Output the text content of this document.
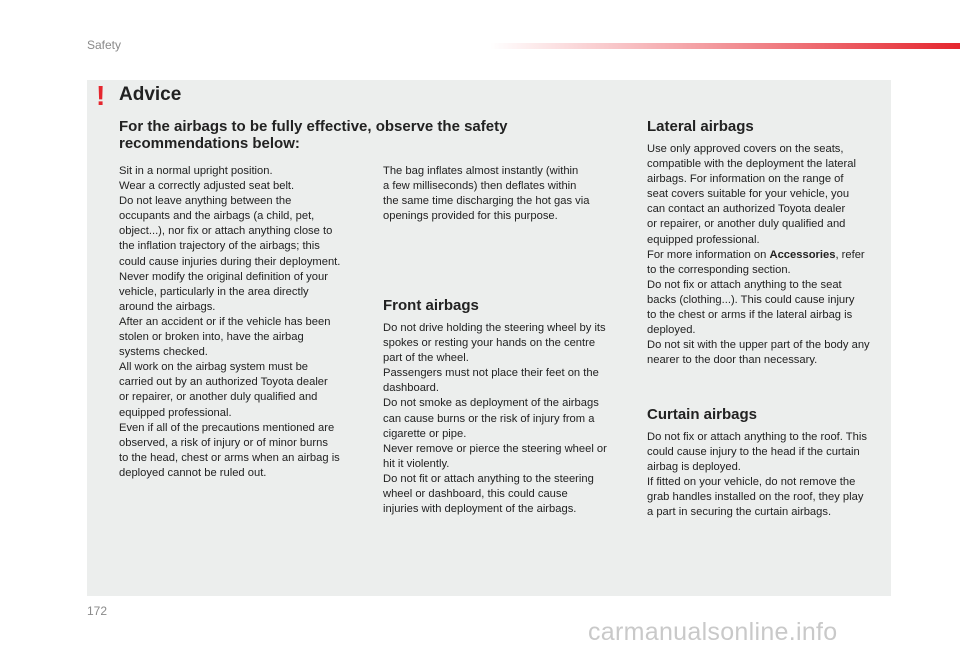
Safety
! Advice
For the airbags to be fully effective, observe the safety recommendations below:
Sit in a normal upright position.
Wear a correctly adjusted seat belt.
Do not leave anything between the
occupants and the airbags (a child, pet,
object...), nor fix or attach anything close to
the inflation trajectory of the airbags; this
could cause injuries during their deployment.
Never modify the original definition of your
vehicle, particularly in the area directly
around the airbags.
After an accident or if the vehicle has been
stolen or broken into, have the airbag
systems checked.
All work on the airbag system must be
carried out by an authorized Toyota dealer
or repairer, or another duly qualified and
equipped professional.
Even if all of the precautions mentioned are
observed, a risk of injury or of minor burns
to the head, chest or arms when an airbag is
deployed cannot be ruled out.
The bag inflates almost instantly (within
a few milliseconds) then deflates within
the same time discharging the hot gas via
openings provided for this purpose.
Front airbags
Do not drive holding the steering wheel by its
spokes or resting your hands on the centre
part of the wheel.
Passengers must not place their feet on the
dashboard.
Do not smoke as deployment of the airbags
can cause burns or the risk of injury from a
cigarette or pipe.
Never remove or pierce the steering wheel or
hit it violently.
Do not fit or attach anything to the steering
wheel or dashboard, this could cause
injuries with deployment of the airbags.
Lateral airbags
Use only approved covers on the seats,
compatible with the deployment the lateral
airbags. For information on the range of
seat covers suitable for your vehicle, you
can contact an authorized Toyota dealer
or repairer, or another duly qualified and
equipped professional.
For more information on Accessories, refer
to the corresponding section.
Do not fix or attach anything to the seat
backs (clothing...). This could cause injury
to the chest or arms if the lateral airbag is
deployed.
Do not sit with the upper part of the body any
nearer to the door than necessary.
Curtain airbags
Do not fix or attach anything to the roof. This
could cause injury to the head if the curtain
airbag is deployed.
If fitted on your vehicle, do not remove the
grab handles installed on the roof, they play
a part in securing the curtain airbags.
172
carmanualsonline.info
